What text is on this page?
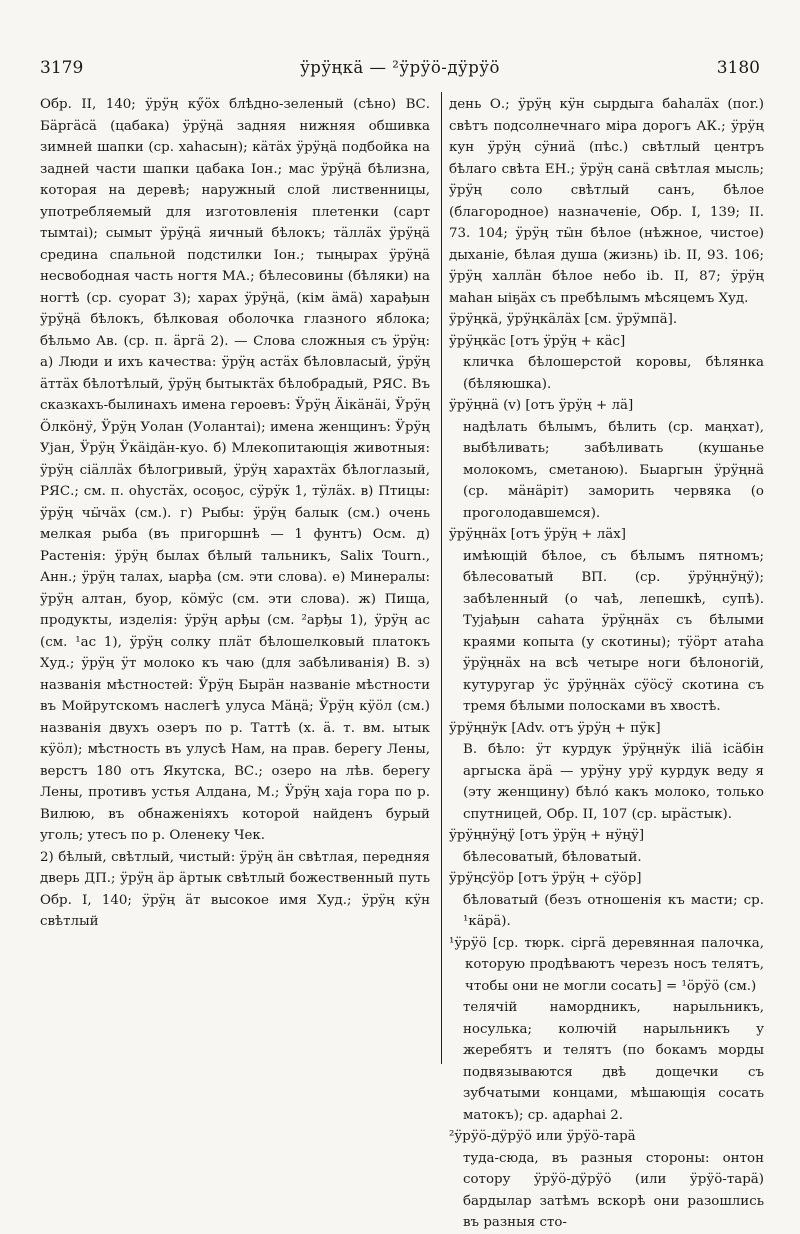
3179	ӱрӱңкӓ — ²ӱрӱӧ-дӱрӱӧ	3180

Обр. II, 140; ӱрӱң кӳӧх блѣдно-зеленый (сѣно) ВС. Бӓргӓсӓ (цабака) ӱрӱңӓ задняя нижняя обшивка зимней шапки (ср. хаһасын); кӓтӓх ӱрӱңӓ подбойка на задней части шапки цабака Іон.; мас ӱрӱңӓ бѣлизна, которая на деревѣ; наружный слой лиственницы, употребляемый для изготовленія плетенки (сарт тымтаі); сымыт ӱрӱңӓ яичный бѣлокъ; тӓллӓх ӱрӱңӓ срединa спальной подстилки Іон.; тыңырах ӱрӱңӓ несвободная часть ногтя МА.; бѣлесовины (бѣляки) на ногтѣ (ср. суорат 3); харах ӱрӱңӓ, (кім ӓмӓ) харађын ӱрӱңӓ бѣлокъ, бѣлковая оболочка глазного яблока; бѣльмо Ав. (ср. п. ӓргӓ 2). — Слова сложныя съ ӱрӱң: а) Люди и ихъ качества: ӱрӱң астӓх бѣловласый, ӱрӱң ӓттӓх бѣлотѣлый, ӱрӱң бытыктӓх бѣлобрадый, РЯС. Въ сказкахъ-былинахъ имена героевъ: Ӱрӱң Ӓікӓнӓі, Ӱрӱң Ӧлкӧнӱ, Ӱрӱң Уолан (Уолантаі); имена женщинъ: Ӱрӱң Уjан, Ӱрӱң Ӱкӓідӓн-куо. б) Млекопитающія животныя: ӱрӱң сіӓллӓх бѣлогривый, ӱрӱң харахтӓх бѣлоглазый, РЯС.; см. п. оһустӓх, осоҕос, сӱрӱк 1, тӱлӓх. в) Птицы: ӱрӱң чӹчӓх (см.). г) Рыбы: ӱрӱң балык (см.) очень мелкая рыба (въ пригоршнѣ — 1 фунтъ) Осм. д) Растенія: ӱрӱң былах бѣлый тальникъ, Salix Tourn., Анн.; ӱрӱң талах, ыарђа (см. эти слова). е) Минералы: ӱрӱң алтан, буор, кӧмӱс (см. эти слова). ж) Пища, продукты, изделія: ӱрӱң арђы (см. ²арђы 1), ӱрӱң ас (см. ¹ас 1), ӱрӱң солку плӓт бѣлошелковый платокъ Худ.; ӱрӱң ӱт молоко къ чаю (для забѣливанія) В. з) названія мѣстностей: Ӱрӱң Бырӓн названіе мѣстности въ Мойрутскомъ наслегѣ улуса Мӓңӓ; Ӱрӱң кӱӧл (см.) названія двухъ озеръ по р. Таттѣ (х. ӓ. т. вм. ытык кӱӧл); мѣстность въ улусѣ Нам, на прав. берегу Лены, верстъ 180 отъ Якутска, ВС.; озеро на лѣв. берегу Лены, противъ устья Алдана, М.; Ӱрӱң хаjа гора по р. Вилюю, въ обнаженіяхъ которой найденъ бурый уголь; утесъ по р. Оленеку Чек.

2) бѣлый, свѣтлый, чистый: ӱрӱң ӓн свѣтлая, передняя дверь ДП.; ӱрӱң ӓр ӓртык свѣтлый божественный путь Обр. I, 140; ӱрӱң ӓт высокое имя Худ.; ӱрӱң кӱн свѣтлый

день О.; ӱрӱң кӱн сырдыга баһалӓх (поr.) свѣтъ подсолнечнаго міра дорогъ АК.; ӱрӱң кун ӱрӱң сӱниӓ (пѣс.) свѣтлый центръ бѣлаго свѣта ЕН.; ӱрӱң санӓ свѣтлая мысль; ӱрӱң соло свѣтлый санъ, бѣлое (благородное) назначеніе, Обр. I, 139; II. 73. 104; ӱрӱң тӹн бѣлое (нѣжное, чистое) дыханіе, бѣлая душа (жизнь) ib. II, 93. 106; ӱрӱң халлӓн бѣлое небо ib. II, 87; ӱрӱң маһан ыіҕӓх съ пребѣлымъ мѣсяцемъ Худ.

ӱрӱңкӓ, ӱрӱңкӓлӓх [см. ӱрӱмпӓ].

ӱрӱңкӓс [отъ ӱрӱң + кӓс]

кличка бѣлошерстой коровы, бѣлянка (бѣляюшка).

ӱрӱңнӓ (v) [отъ ӱрӱң + лӓ]

надѣлать бѣлымъ, бѣлить (ср. маңхат), выбѣливать; забѣливать (кушанье молокомъ, сметаною). Быаргын ӱрӱңнӓ (ср. мӓнӓріт) заморить червяка (о проголодавшемся).

ӱрӱңнӓх [отъ ӱрӱң + лӓх]

имѣющій бѣлое, съ бѣлымъ пятномъ; бѣлесоватый ВП. (ср. ӱрӱңнӱңӱ); забѣленный (о чаѣ, лепешкѣ, супѣ). Туjађын саһата ӱрӱңнӓх съ бѣлыми краями копыта (у скотины); тӱӧрт атаһа ӱрӱңнӓх на всѣ четыре ноги бѣлоногій, кутуругар ӱс ӱрӱңнӓх сӱӧсӱ скотина съ тремя бѣлыми полосками въ хвостѣ.

ӱрӱңнӱк [Adv. отъ ӱрӱң + пӱк]

В. бѣло: ӱт курдук ӱрӱңнӱк іlіӓ ісӓбін аргыска ӓрӓ — урӱну урӱ курдук веду я (эту женщину) бѣлó какъ молоко, только спутницей, Обр. II, 107 (ср. ырӓстык).

ӱрӱңнӱңӱ [отъ ӱрӱң + нӱңӱ]

бѣлесоватый, бѣловатый.

ӱрӱңсӱӧр [отъ ӱрӱң + сӱӧр]

бѣловатый (безъ отношенія къ масти; ср. ¹кӓрӓ).

¹ӱрӱӧ [ср. тюрк. сіргӓ деревянная палочка, которую продѣваютъ черезъ носъ телятъ, чтобы они не могли сосать] = ¹ӧрӱӧ (см.)

телячій намордникъ, нарыльникъ, носулька; колючій нарыльникъ у жеребятъ и телятъ (по бокамъ морды подвязываются двѣ дощечки съ зубчатыми концами, мѣшающія сосать матокъ); ср. адарһаі 2.

²ӱрӱӧ-дӱрӱӧ или ӱрӱӧ-тарӓ

туда-сюда, въ разныя стороны: онтон сотору ӱрӱӧ-дӱрӱӧ (или ӱрӱӧ-тарӓ) бардылар затѣмъ вскорѣ они разошлись въ разныя сто-
